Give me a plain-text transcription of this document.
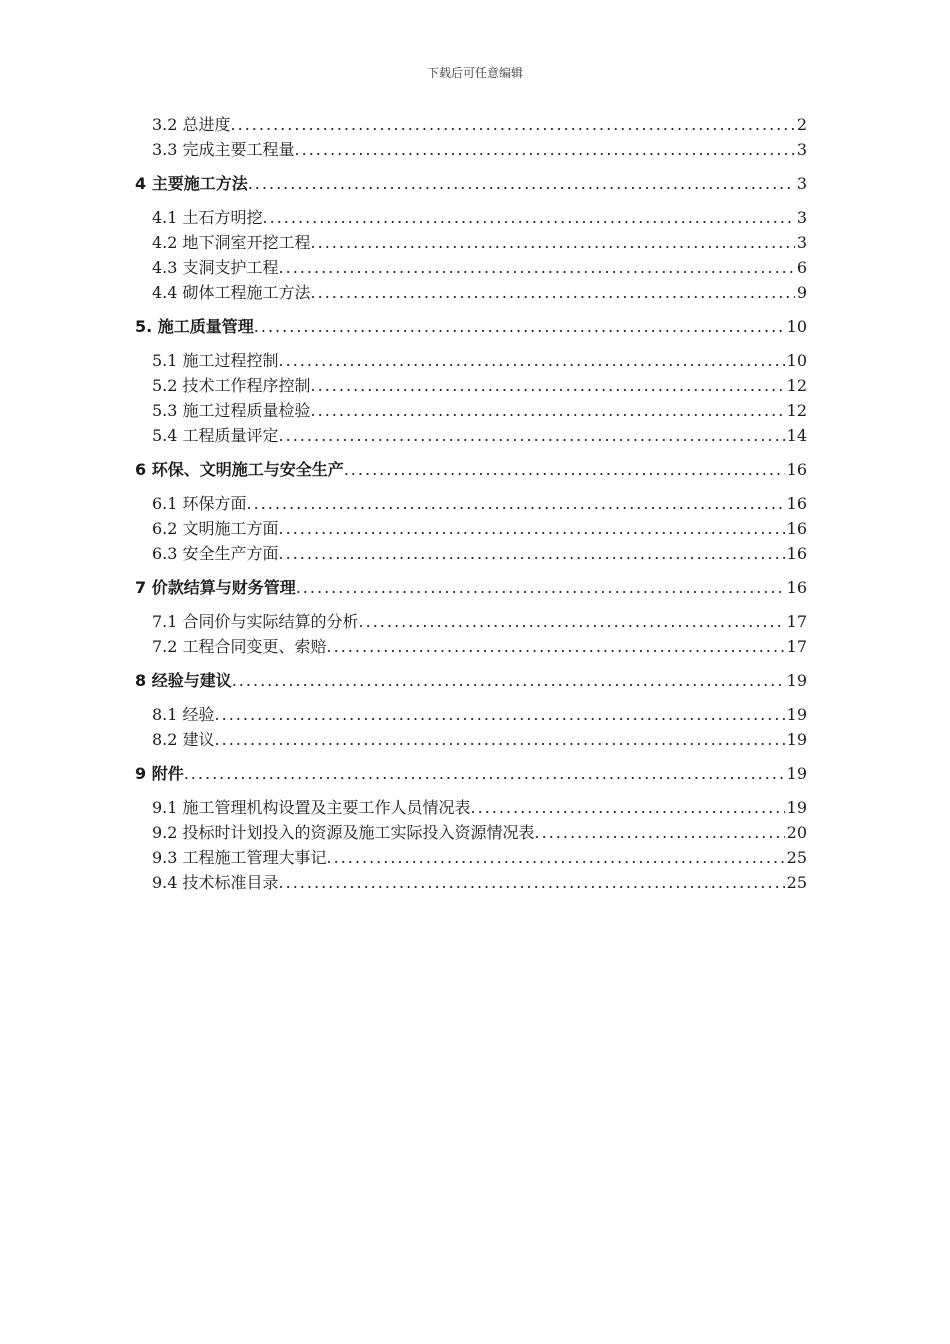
下载后可任意编辑
3.2 总进度 .....	2
3.3 完成主要工程量 .....	3
4 主要施工方法 .....	3
4.1 土石方明挖 .....	3
4.2 地下洞室开挖工程 .....	3
4.3 支洞支护工程 .....	6
4.4 砌体工程施工方法 .....	9
5. 施工质量管理 .....	10
5.1 施工过程控制 .....	10
5.2 技术工作程序控制 .....	12
5.3 施工过程质量检验 .....	12
5.4 工程质量评定 .....	14
6 环保、文明施工与安全生产 .....	16
6.1 环保方面 .....	16
6.2 文明施工方面 .....	16
6.3 安全生产方面 .....	16
7 价款结算与财务管理 .....	16
7.1 合同价与实际结算的分析 .....	17
7.2 工程合同变更、索赔 .....	17
8 经验与建议 .....	19
8.1 经验 .....	19
8.2 建议 .....	19
9 附件 .....	19
9.1 施工管理机构设置及主要工作人员情况表 .....	19
9.2 投标时计划投入的资源及施工实际投入资源情况表 .....	20
9.3 工程施工管理大事记 .....	25
9.4 技术标准目录 .....	25
